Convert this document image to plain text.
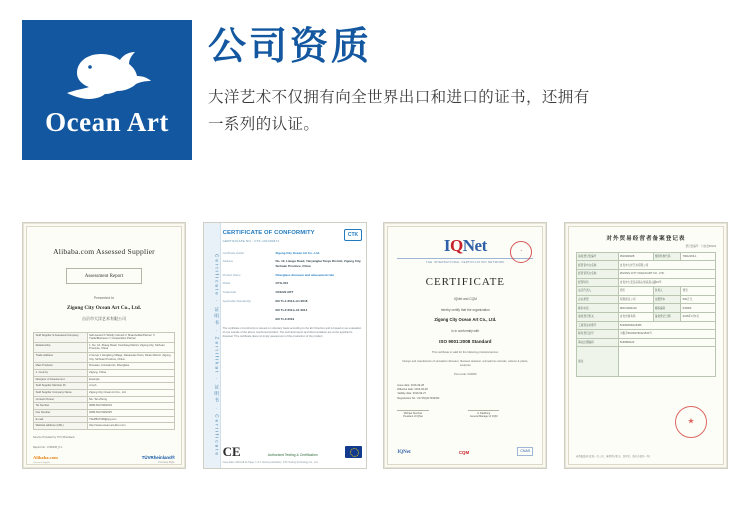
Ocean Art
公司资质
大洋艺术不仅拥有向全世界出口和进口的证书，还拥有一系列的认证。
Alibaba.com Assessed Supplier
Assessment Report
Presented to
Zigong City Ocean Art Co., Ltd.
自贡市大洋艺术有限公司
Sold Supplier & Assessed Company	Self-owned ☑ Wholly Owned ☑ Shareholder/Partner ☐ Trade/Business ☐ Cooperation Partner
Relationship	1. No. 10, Zhang Road, Yanchang District, Zigong City, Sichuan Province, China
Trade Address	2 Group 1 Hongfeng Village, Dasanxiao Town, Da'an District, Zigong City, Sichuan Province, China
Main Products	Dinosaur, Animatronic, Fiberglass
1. Country	Zigong, China
Designer of Assessment	Example
Sold Supplier Member ID	cnoyh
Sold Supplier Company Name	Zigong City Ocean Art Co., Ltd.
Contact Person	Ms. Tan Zhong
Tel Number	0086-813-5002219
Fax Number	0086-813-5002225
E-mail	TAH8817299@qq.com
Website Address (URL)	http://www.ocean-art-dino.com
Service Provided by TUV Rheinland
Report No.: 4700235_P-1
Alibaba.com
Assessed Supplier
TÜVRheinland®
Precisely Right.
Certificate · 证明书 · Zertifikat · 证明书 · Certificate
CERTIFICATE OF CONFORMITY
CERTIFICATE NO.: CTK-191300471
CTK
Certificate Holder	Zigong City Ocean Art Co., Ltd.
Address	No. 10, Liangu Road, Yanyangba Taoyu District, Zigong City, Sichuan Province, China
Product Name	Fiberglass dinosaur and amusement ride
Model	OYG-001
Trademark	OCEAN ART
Applicable Standard(s)	EN 71-1:2014+A1:2018
EN 71-2:2011+A1:2014
EN 71-3:2019
The certificate of conformity is issued on voluntary basis according to the EC Directive and is based on an evaluation of one sample of the above mentioned product. The technical report and documentation are at the applicant's disposal. This certificate does not imply assessment of the production of the product.
CE	Authorized Testing & Certification
Issue Date: 2019-08-21 Page: 1 of 1 Testing Laboratory: CTK Testing Technology Co., Ltd.
IQNet
THE INTERNATIONAL CERTIFICATION NETWORK
CERTIFICATE
IQNet and CQM
hereby certify that the organization
Zigong City Ocean Art Co., Ltd.
is in conformity with
ISO 9001:2008 Standard
This certificate is valid for the following products/service:
Design and manufacture of simulation dinosaur, dinosaur skeleton, animatronic animals, cartoon & plants, sculpture
Post code: 643000
Issue date: 2016-09-28
Effective date: 2016-09-28
Validity date: 2019-09-27
Registration No.: 01715Q21749R1M
Michael Drechsel
President of IQNet
Li XiaoDong
General Manager of CQM
★
IQNet	CQM	CNAS
对外贸易经营者备案登记表
登记表编号：川自贡00123
备案登记表编号	0510300028	组织机构代码	79012153-1
经营者中文名称	自贡市大洋艺术有限公司		
经营者英文名称	ZIGONG CITY OCEAN ART CO., LTD.		
经营场所	自贡市大安区凉高山街凉高山路10号		
法定代表人	谭忠	负责人	谭忠
企业类型	有限责任公司	注册资本	500万元
联系电话	0813-5002219	邮政编码	643000
备案登记机关	自贡市商务局	备案登记日期	2015年3月6日
工商营业执照号	510300000123456		
税务登记证号	川税字510302790121531号		
海关注册编码	5130960123		
备注			
★
商务部监制 (此表一式三份，备案登记机关、经营者、海关各留存一份)
